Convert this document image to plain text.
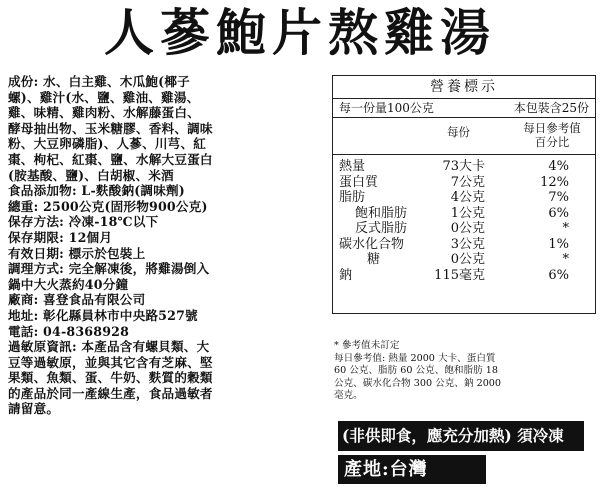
人蔘鮑片熬雞湯
成份: 水、白主雞、木瓜鮑(椰子
螺)、雞汁(水、鹽、雞油、雞湯、
雞、味精、雞肉粉、水解藤蛋白、
酵母抽出物、玉米糖膠、香料、調味
粉、大豆卵磷脂)、人蔘、川芎、紅
棗、枸杞、紅棗、鹽、水解大豆蛋白
(胺基酸、鹽)、白胡椒、米酒
食品添加物: L-麩酸鈉(調味劑)
總重: 2500公克(固形物900公克)
保存方法: 冷凍-18℃以下
保存期限: 12個月
有效日期: 標示於包裝上
調理方式: 完全解凍後，將雞湯倒入
鍋中大火蒸約40分鐘
廠商: 喜登食品有限公司
地址: 彰化縣員林市中央路527號
電話: 04-8368928
過敏原資訊: 本產品含有螺貝類、大
豆等過敏原，並與其它含有芝麻、堅
果類、魚類、蛋、牛奶、麩質的穀類
的產品於同一產線生產，食品過敏者
請留意。
營養標示
每一份量100公克	本包裝含25份
每份	每日參考值
百分比
熱量	73大卡	4%
蛋白質	7公克	12%
脂肪	4公克	7%
飽和脂肪	1公克	6%
反式脂肪	0公克	*
碳水化合物	3公克	1%
糖	0公克	*
鈉	115毫克	6%
* 參考值未訂定
每日參考值: 熱量 2000 大卡、蛋白質
60 公克、脂肪 60 公克、飽和脂肪 18
公克、碳水化合物 300 公克、鈉 2000
毫克。
(非供即食，應充分加熱) 須冷凍
產地:台灣
